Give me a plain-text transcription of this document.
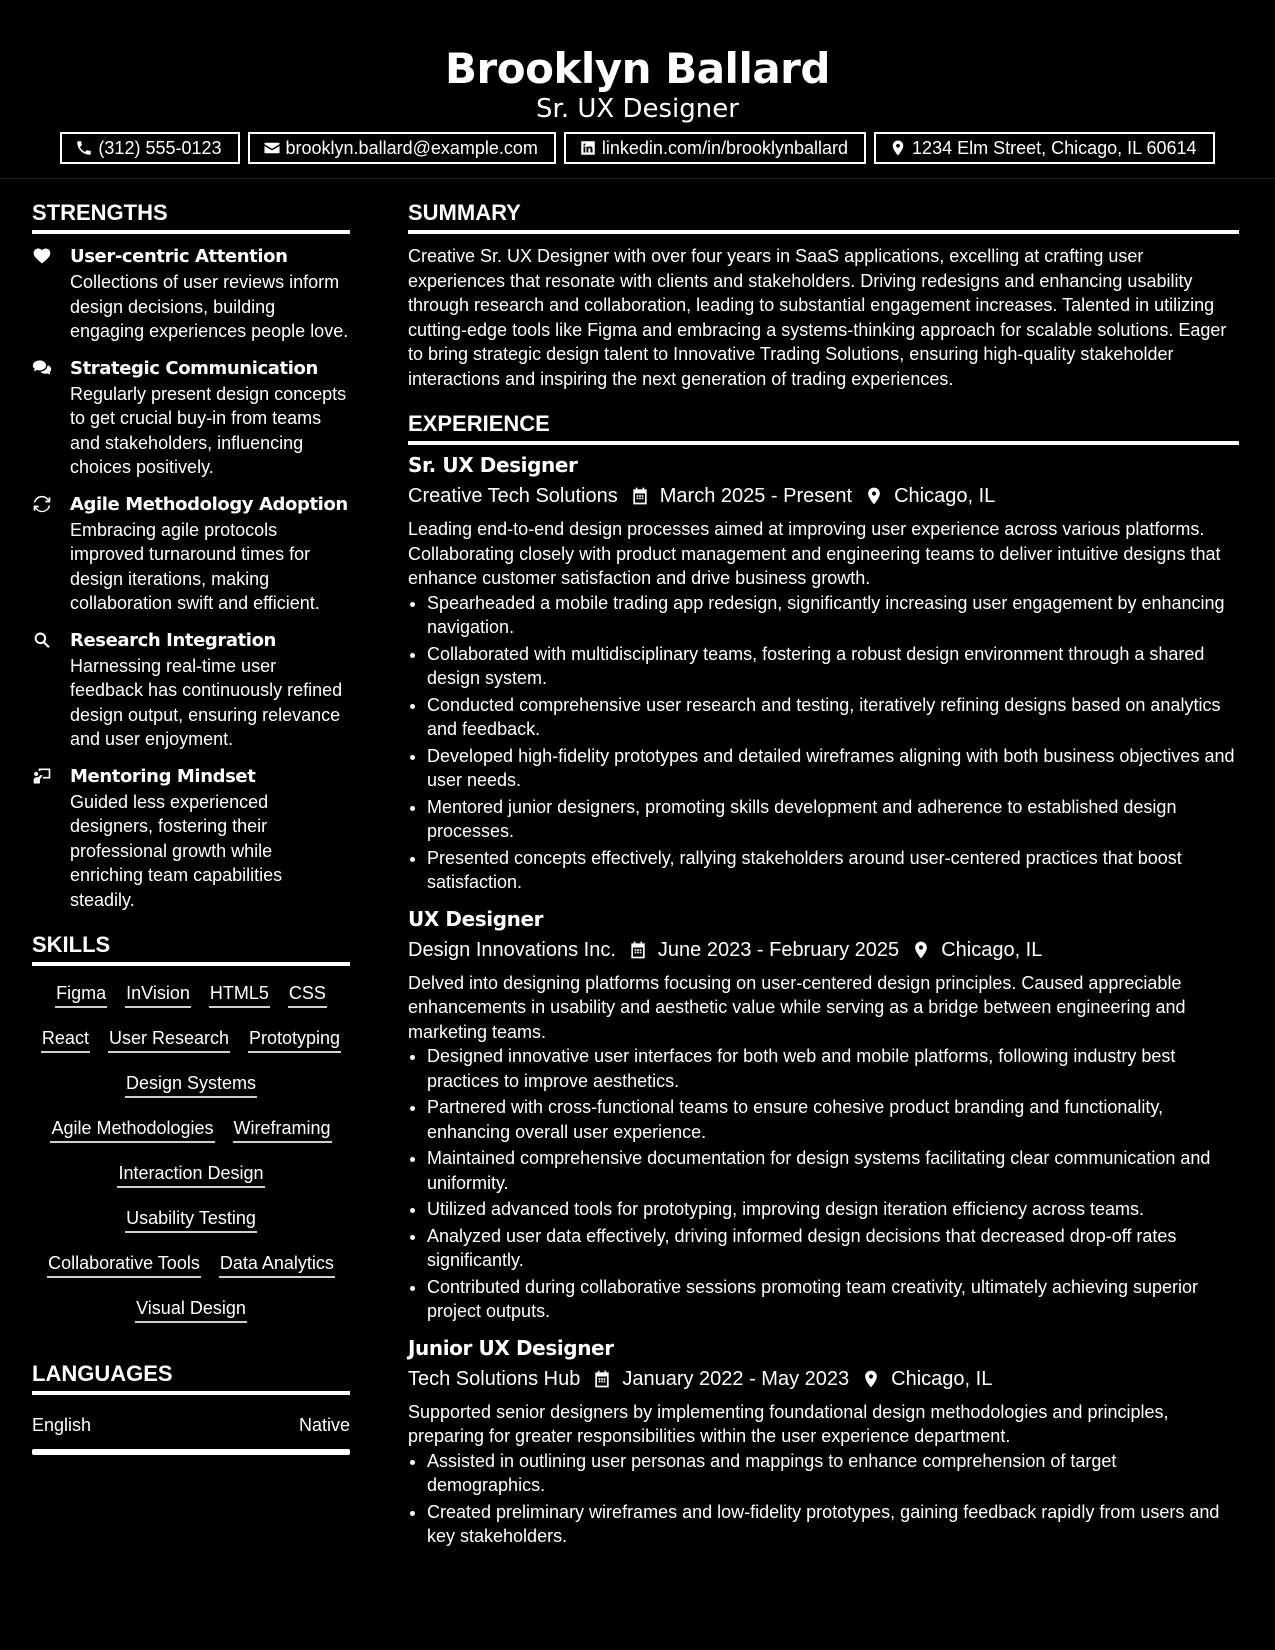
Brooklyn Ballard
Sr. UX Designer
(312) 555-0123	brooklyn.ballard@example.com	linkedin.com/in/brooklynballard	1234 Elm Street, Chicago, IL 60614
STRENGTHS
User-centric Attention
Collections of user reviews inform design decisions, building engaging experiences people love.
Strategic Communication
Regularly present design concepts to get crucial buy-in from teams and stakeholders, influencing choices positively.
Agile Methodology Adoption
Embracing agile protocols improved turnaround times for design iterations, making collaboration swift and efficient.
Research Integration
Harnessing real-time user feedback has continuously refined design output, ensuring relevance and user enjoyment.
Mentoring Mindset
Guided less experienced designers, fostering their professional growth while enriching team capabilities steadily.
SKILLS
Figma InVision HTML5 CSS
React User Research Prototyping
Design Systems
Agile Methodologies Wireframing
Interaction Design
Usability Testing
Collaborative Tools Data Analytics
Visual Design
LANGUAGES
English	Native
SUMMARY
Creative Sr. UX Designer with over four years in SaaS applications, excelling at crafting user experiences that resonate with clients and stakeholders. Driving redesigns and enhancing usability through research and collaboration, leading to substantial engagement increases. Talented in utilizing cutting-edge tools like Figma and embracing a systems-thinking approach for scalable solutions. Eager to bring strategic design talent to Innovative Trading Solutions, ensuring high-quality stakeholder interactions and inspiring the next generation of trading experiences.
EXPERIENCE
Sr. UX Designer
Creative Tech Solutions March 2025 - Present Chicago, IL
Leading end-to-end design processes aimed at improving user experience across various platforms. Collaborating closely with product management and engineering teams to deliver intuitive designs that enhance customer satisfaction and drive business growth.
• Spearheaded a mobile trading app redesign, significantly increasing user engagement by enhancing navigation.
• Collaborated with multidisciplinary teams, fostering a robust design environment through a shared design system.
• Conducted comprehensive user research and testing, iteratively refining designs based on analytics and feedback.
• Developed high-fidelity prototypes and detailed wireframes aligning with both business objectives and user needs.
• Mentored junior designers, promoting skills development and adherence to established design processes.
• Presented concepts effectively, rallying stakeholders around user-centered practices that boost satisfaction.
UX Designer
Design Innovations Inc. June 2023 - February 2025 Chicago, IL
Delved into designing platforms focusing on user-centered design principles. Caused appreciable enhancements in usability and aesthetic value while serving as a bridge between engineering and marketing teams.
• Designed innovative user interfaces for both web and mobile platforms, following industry best practices to improve aesthetics.
• Partnered with cross-functional teams to ensure cohesive product branding and functionality, enhancing overall user experience.
• Maintained comprehensive documentation for design systems facilitating clear communication and uniformity.
• Utilized advanced tools for prototyping, improving design iteration efficiency across teams.
• Analyzed user data effectively, driving informed design decisions that decreased drop-off rates significantly.
• Contributed during collaborative sessions promoting team creativity, ultimately achieving superior project outputs.
Junior UX Designer
Tech Solutions Hub January 2022 - May 2023 Chicago, IL
Supported senior designers by implementing foundational design methodologies and principles, preparing for greater responsibilities within the user experience department.
• Assisted in outlining user personas and mappings to enhance comprehension of target demographics.
• Created preliminary wireframes and low-fidelity prototypes, gaining feedback rapidly from users and key stakeholders.
